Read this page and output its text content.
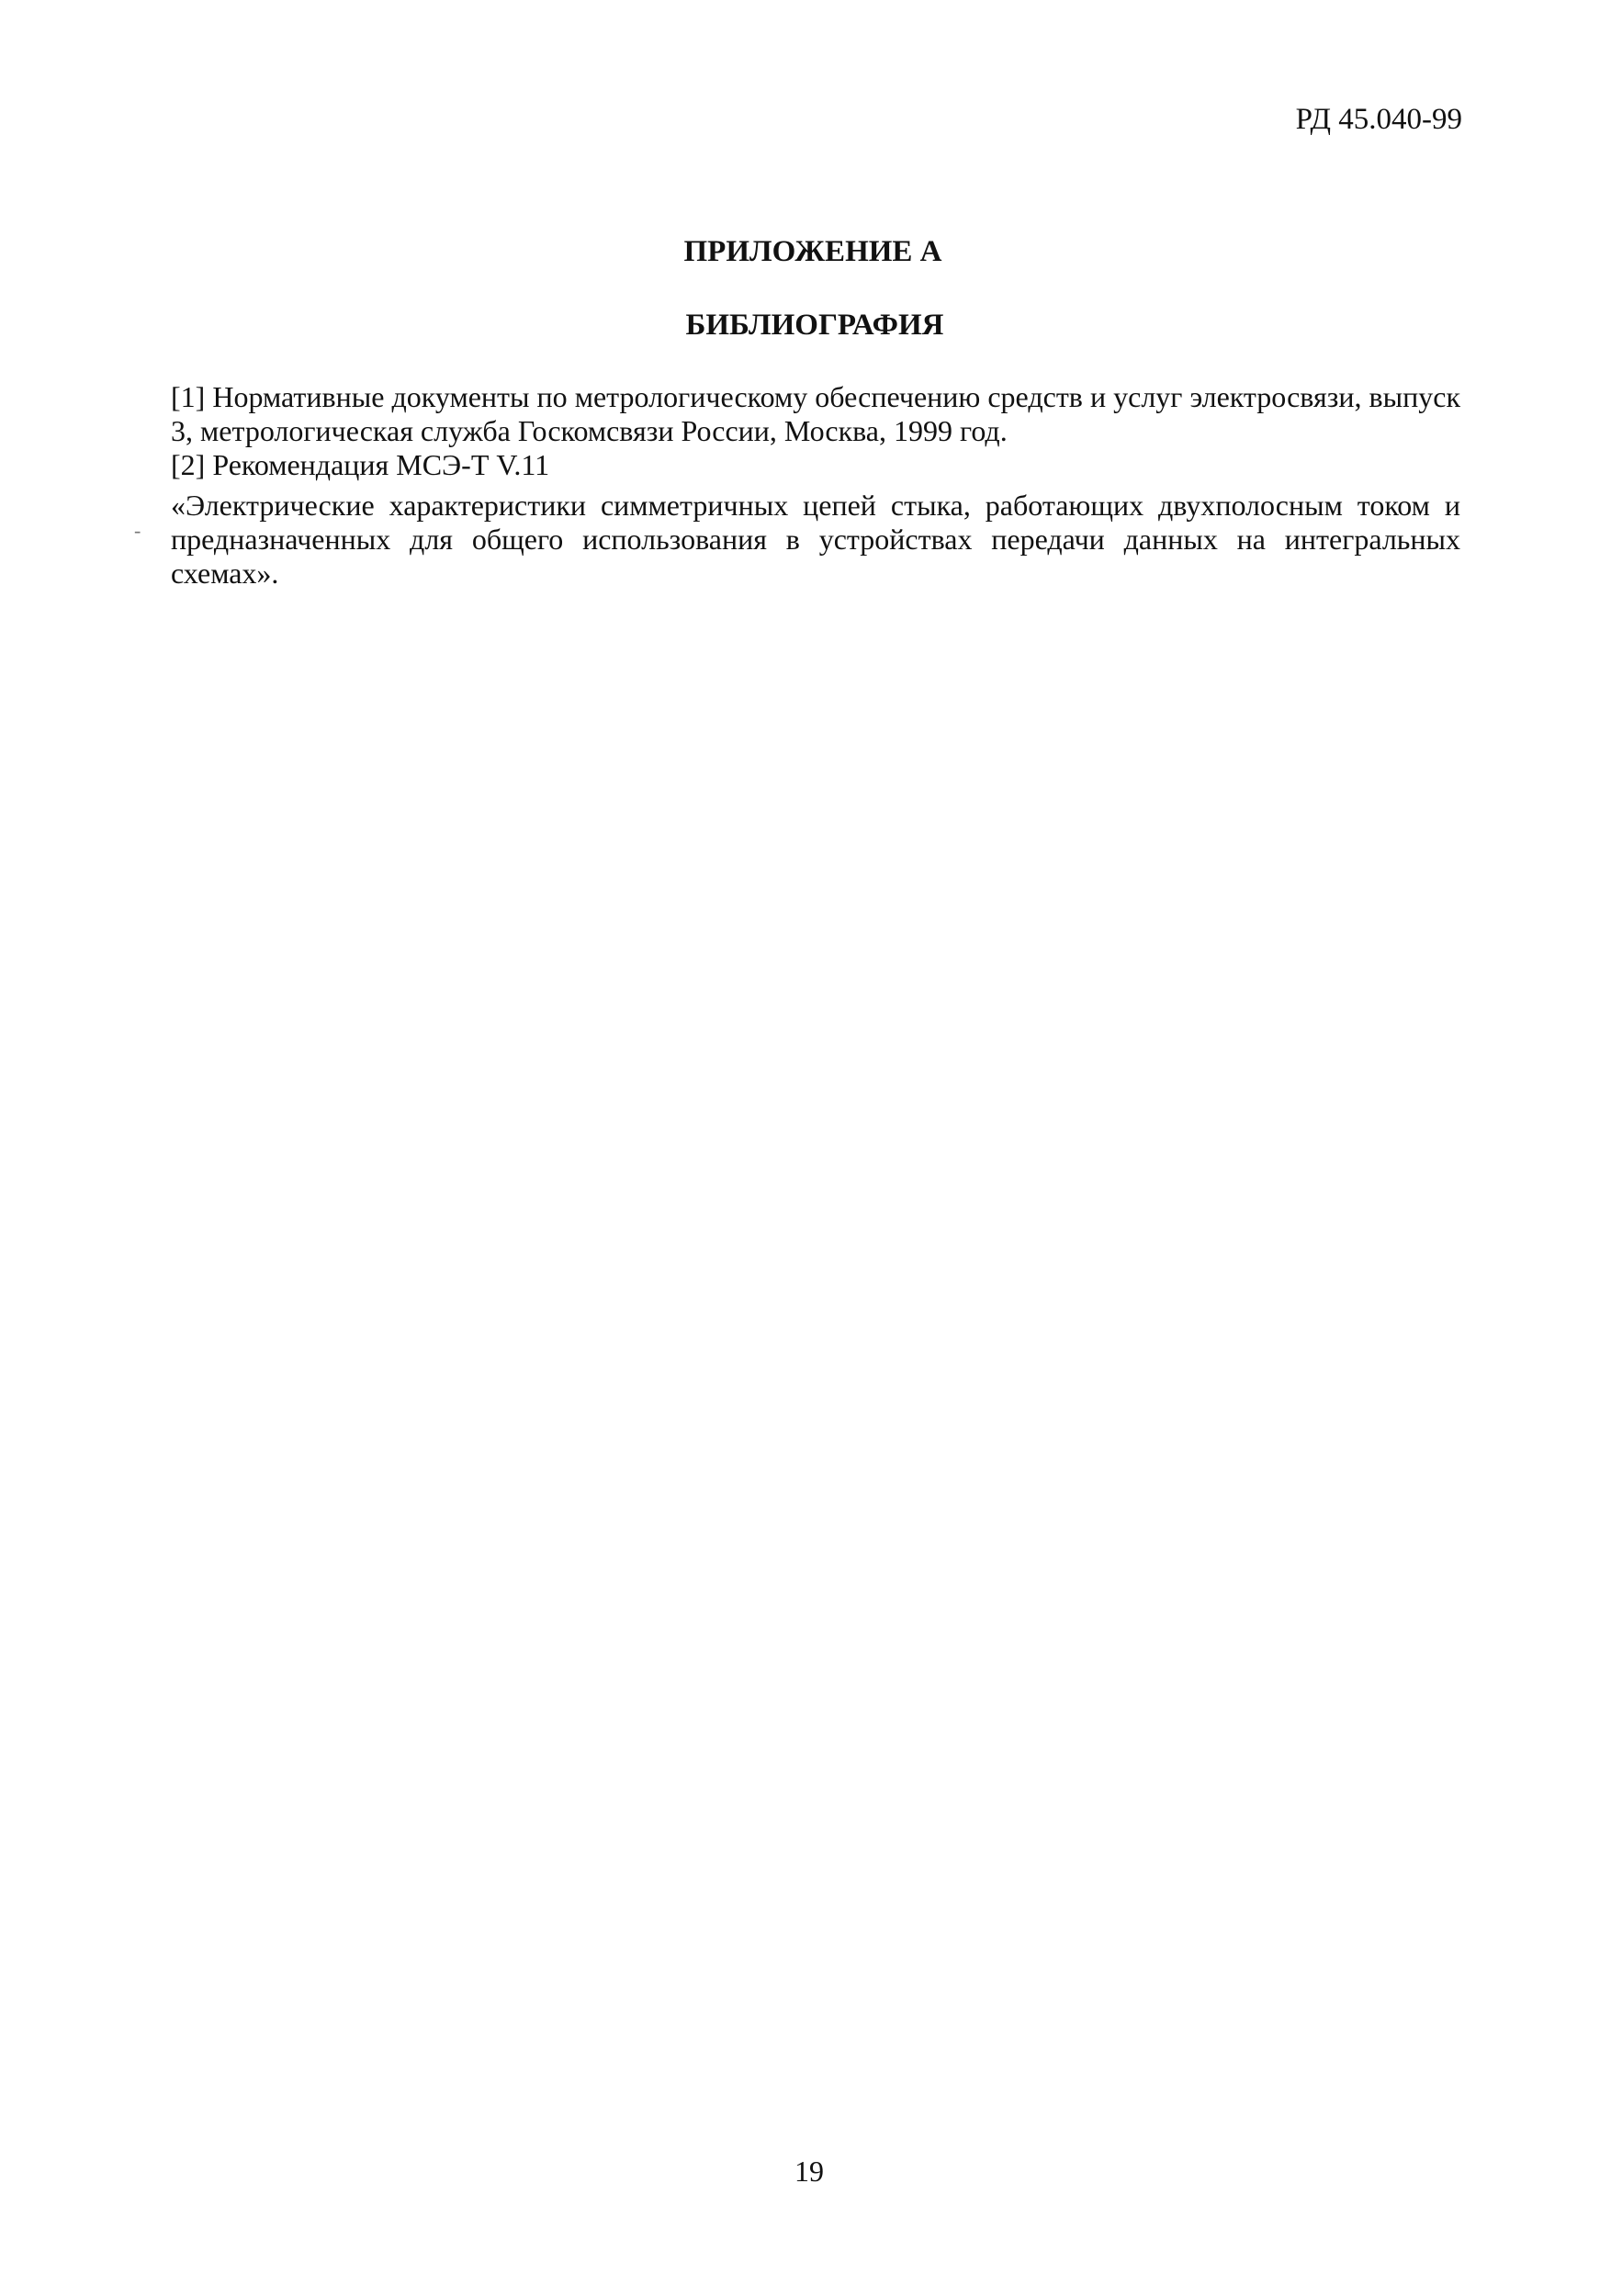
РД 45.040-99
ПРИЛОЖЕНИЕ А
БИБЛИОГРАФИЯ

[1] Нормативные документы по метрологическому обеспечению средств и услуг электросвязи, выпуск 3, метрологическая служба Госкомсвязи России, Москва, 1999 год.

[2] Рекомендация МСЭ-Т V.11

«Электрические характеристики симметричных цепей стыка, работающих двухполосным током и предназначенных для общего использования в устройствах передачи данных на интегральных схемах».

-
19
